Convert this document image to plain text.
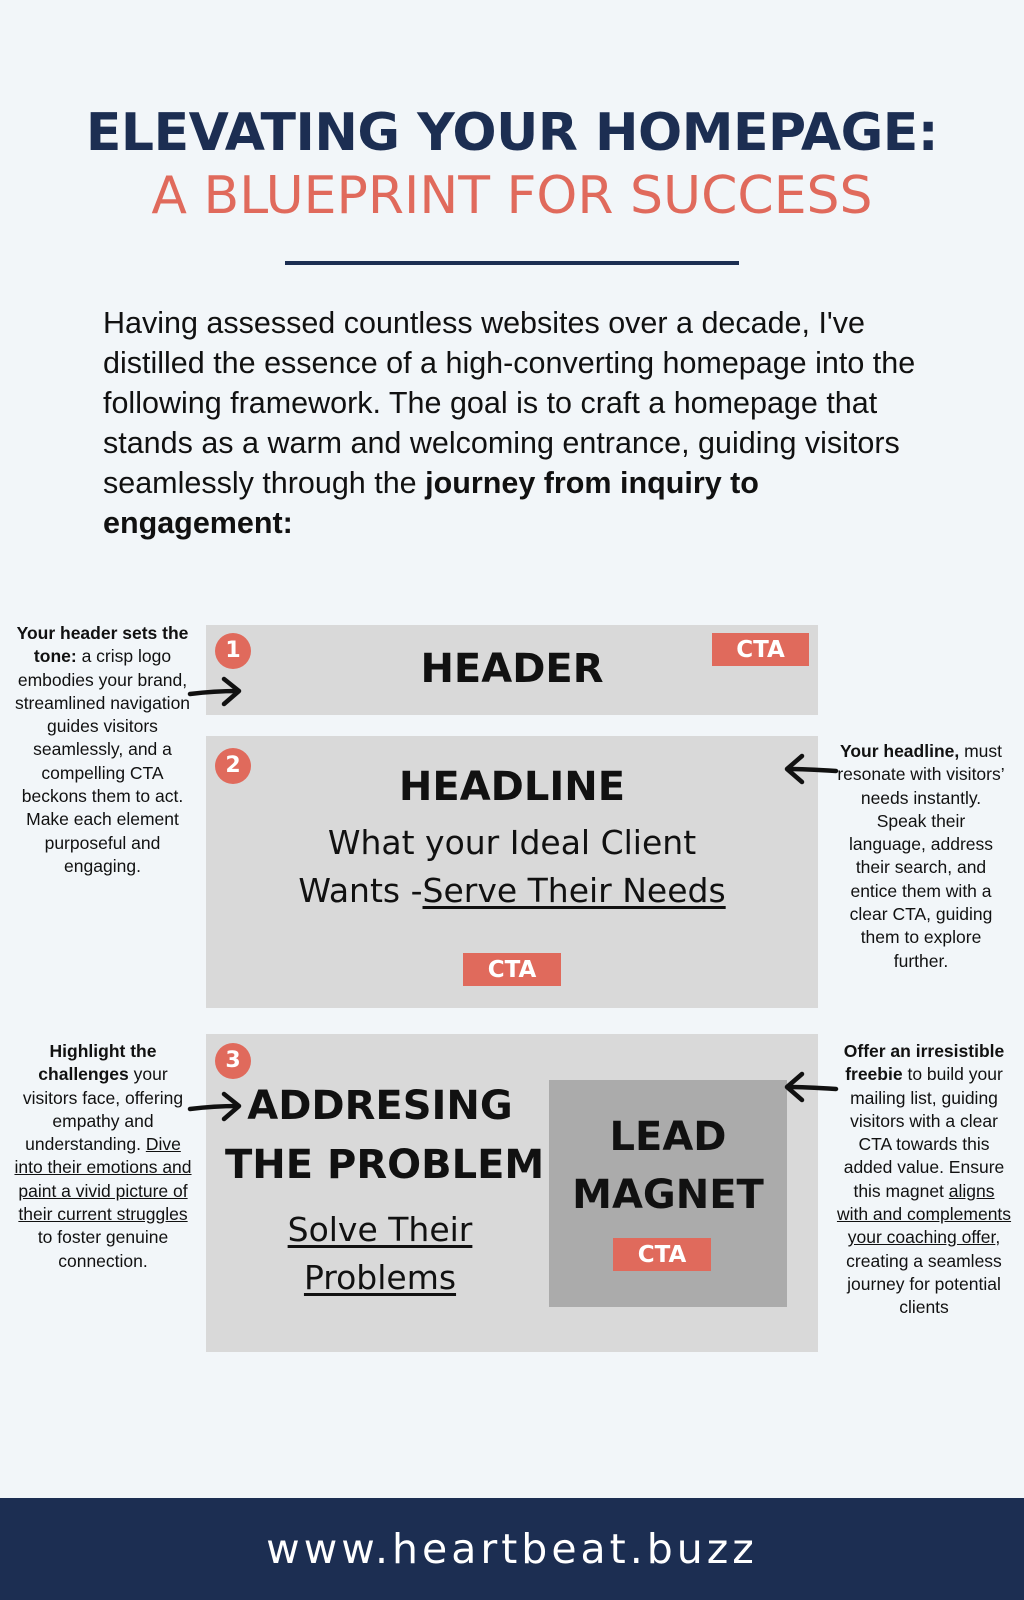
ELEVATING YOUR HOMEPAGE:
A BLUEPRINT FOR SUCCESS
Having assessed countless websites over a decade, I've distilled the essence of a high-converting homepage into the following framework. The goal is to craft a homepage that stands as a warm and welcoming entrance, guiding visitors seamlessly through the journey from inquiry to engagement:
1	HEADER	CTA
2	HEADLINE
What your Ideal Client
Wants -Serve Their Needs
CTA
3
ADDRESING
THE PROBLEM
Solve Their
Problems
LEAD
MAGNET
CTA
Your header sets the tone: a crisp logo embodies your brand, streamlined navigation guides visitors seamlessly, and a compelling CTA beckons them to act. Make each element purposeful and engaging.
Your headline, must resonate with visitors’ needs instantly. Speak their language, address their search, and entice them with a clear CTA, guiding them to explore further.
Highlight the challenges your visitors face, offering empathy and understanding. Dive into their emotions and paint a vivid picture of their current struggles to foster genuine connection.
Offer an irresistible freebie to build your mailing list, guiding visitors with a clear CTA towards this added value. Ensure this magnet aligns with and complements your coaching offer, creating a seamless journey for potential clients
www.heartbeat.buzz
